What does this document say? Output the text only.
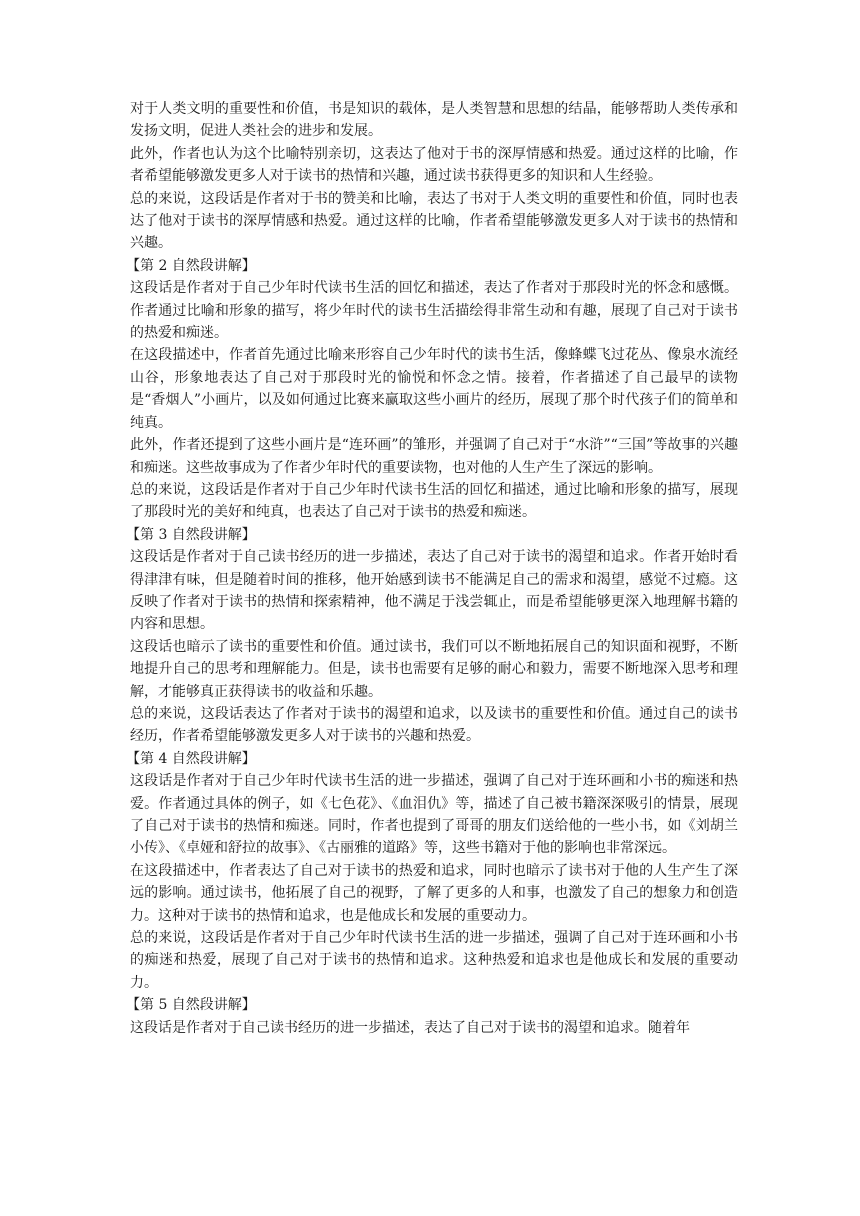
对于人类文明的重要性和价值，书是知识的载体，是人类智慧和思想的结晶，能够帮助人类传承和发扬文明，促进人类社会的进步和发展。

此外，作者也认为这个比喻特别亲切，这表达了他对于书的深厚情感和热爱。通过这样的比喻，作者希望能够激发更多人对于读书的热情和兴趣，通过读书获得更多的知识和人生经验。

总的来说，这段话是作者对于书的赞美和比喻，表达了书对于人类文明的重要性和价值，同时也表达了他对于读书的深厚情感和热爱。通过这样的比喻，作者希望能够激发更多人对于读书的热情和兴趣。

【第 2 自然段讲解】

这段话是作者对于自己少年时代读书生活的回忆和描述，表达了作者对于那段时光的怀念和感慨。作者通过比喻和形象的描写，将少年时代的读书生活描绘得非常生动和有趣，展现了自己对于读书的热爱和痴迷。

在这段描述中，作者首先通过比喻来形容自己少年时代的读书生活，像蜂蝶飞过花丛、像泉水流经山谷，形象地表达了自己对于那段时光的愉悦和怀念之情。接着，作者描述了自己最早的读物是“香烟人”小画片，以及如何通过比赛来赢取这些小画片的经历，展现了那个时代孩子们的简单和纯真。

此外，作者还提到了这些小画片是“连环画”的雏形，并强调了自己对于“水浒”“三国”等故事的兴趣和痴迷。这些故事成为了作者少年时代的重要读物，也对他的人生产生了深远的影响。

总的来说，这段话是作者对于自己少年时代读书生活的回忆和描述，通过比喻和形象的描写，展现了那段时光的美好和纯真，也表达了自己对于读书的热爱和痴迷。

【第 3 自然段讲解】

这段话是作者对于自己读书经历的进一步描述，表达了自己对于读书的渴望和追求。作者开始时看得津津有味，但是随着时间的推移，他开始感到读书不能满足自己的需求和渴望，感觉不过瘾。这反映了作者对于读书的热情和探索精神，他不满足于浅尝辄止，而是希望能够更深入地理解书籍的内容和思想。

这段话也暗示了读书的重要性和价值。通过读书，我们可以不断地拓展自己的知识面和视野，不断地提升自己的思考和理解能力。但是，读书也需要有足够的耐心和毅力，需要不断地深入思考和理解，才能够真正获得读书的收益和乐趣。

总的来说，这段话表达了作者对于读书的渴望和追求，以及读书的重要性和价值。通过自己的读书经历，作者希望能够激发更多人对于读书的兴趣和热爱。

【第 4 自然段讲解】

这段话是作者对于自己少年时代读书生活的进一步描述，强调了自己对于连环画和小书的痴迷和热爱。作者通过具体的例子，如《七色花》、《血泪仇》等，描述了自己被书籍深深吸引的情景，展现了自己对于读书的热情和痴迷。同时，作者也提到了哥哥的朋友们送给他的一些小书，如《刘胡兰小传》、《卓娅和舒拉的故事》、《古丽雅的道路》等，这些书籍对于他的影响也非常深远。

在这段描述中，作者表达了自己对于读书的热爱和追求，同时也暗示了读书对于他的人生产生了深远的影响。通过读书，他拓展了自己的视野，了解了更多的人和事，也激发了自己的想象力和创造力。这种对于读书的热情和追求，也是他成长和发展的重要动力。

总的来说，这段话是作者对于自己少年时代读书生活的进一步描述，强调了自己对于连环画和小书的痴迷和热爱，展现了自己对于读书的热情和追求。这种热爱和追求也是他成长和发展的重要动力。

【第 5 自然段讲解】

这段话是作者对于自己读书经历的进一步描述，表达了自己对于读书的渴望和追求。随着年
